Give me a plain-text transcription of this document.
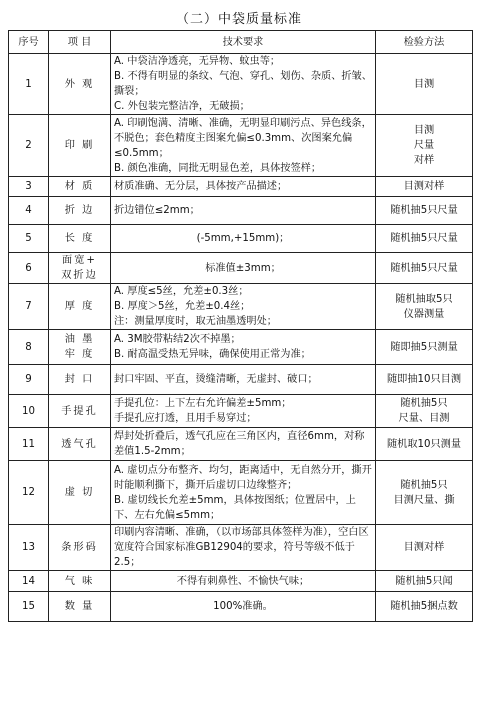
（二）中袋质量标准
序号	项 目	技术要求	检验方法
1	外 观	A. 中袋洁净透亮，无异物、蚊虫等；
B. 不得有明显的条纹、气泡、穿孔、划伤、杂质、折皱、撕裂；
C. 外包装完整洁净，无破损；	目测

2	印 刷	A. 印刷饱满、清晰、准确，无明显印刷污点、异色线条，不脱色；套色精度主图案允偏≤0.3mm、次图案允偏≤0.5mm；
B. 颜色准确，同批无明显色差，具体按签样；	目测
尺量
对样

3	材 质	材质准确、无分层，具体按产品描述；	目测对样

4	折 边	折边错位≤2mm；	随机抽5只尺量

5	长 度	(-5mm,+15mm)；	随机抽5只尺量

6	面宽+
双折边	标准值±3mm；	随机抽5只尺量

7	厚 度	A. 厚度≤5丝，允差±0.3丝；
B. 厚度＞5丝，允差±0.4丝；
注：测量厚度时，取无油墨透明处；	随机抽取5只
仪器测量

8	油 墨
牢 度	A. 3M胶带粘结2次不掉墨；
B. 耐高温受热无异味，确保使用正常为准；	随即抽5只测量

9	封 口	封口牢固、平直，烫缝清晰，无虚封、破口；	随即抽10只目测

10	手提孔	手提孔位：上下左右允许偏差±5mm；
手提孔应打透，且用手易穿过；	随机抽5只
尺量、目测

11	透气孔	焊封处折叠后，透气孔应在三角区内，直径6mm，对称差值1.5-2mm；	随机取10只测量

12	虚 切	A. 虚切点分布整齐、均匀，距离适中，无自然分开，撕开时能顺利撕下，撕开后虚切口边缘整齐；
B. 虚切线长允差±5mm，具体按图纸；位置居中，上下、左右允偏≤5mm；	随机抽5只
目测尺量、撕

13	条形码	印刷内容清晰、准确，（以市场部具体签样为准），空白区宽度符合国家标准GB12904的要求，符号等级不低于2.5；	目测对样

14	气 味	不得有刺鼻性、不愉快气味；	随机抽5只闻

15	数 量	100%准确。	随机抽5捆点数
